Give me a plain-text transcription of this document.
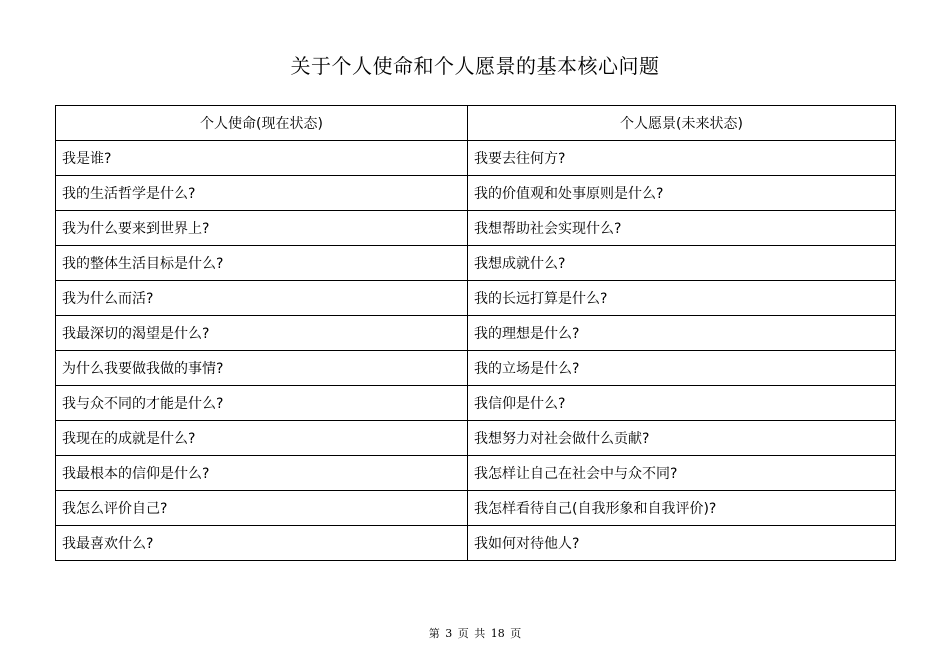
关于个人使命和个人愿景的基本核心问题
个人使命(现在状态)	个人愿景(未来状态)
我是谁?	我要去往何方?
我的生活哲学是什么?	我的价值观和处事原则是什么?
我为什么要来到世界上?	我想帮助社会实现什么?
我的整体生活目标是什么?	我想成就什么?
我为什么而活?	我的长远打算是什么?
我最深切的渴望是什么?	我的理想是什么?
为什么我要做我做的事情?	我的立场是什么?
我与众不同的才能是什么?	我信仰是什么?
我现在的成就是什么?	我想努力对社会做什么贡献?
我最根本的信仰是什么?	我怎样让自己在社会中与众不同?
我怎么评价自己?	我怎样看待自己(自我形象和自我评价)?
我最喜欢什么?	我如何对待他人?
第 3 页 共 18 页
